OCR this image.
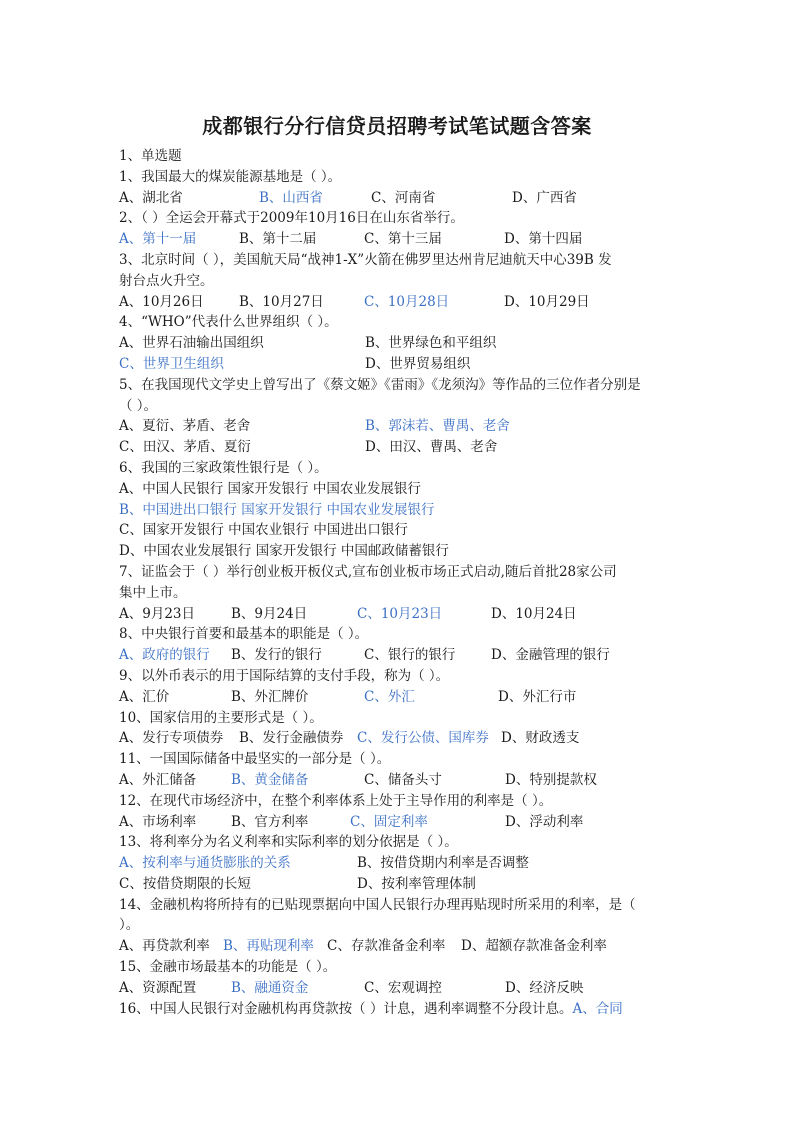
成都银行分行信贷员招聘考试笔试题含答案
1、单选题
1、我国最大的煤炭能源基地是（ ）。
A、湖北省	B、山西省	C、河南省	D、广西省
2、（ ）全运会开幕式于2009年10月16日在山东省举行。
A、第十一届	B、第十二届	C、第十三届	D、第十四届
3、北京时间（ ），美国航天局“战神1-X”火箭在佛罗里达州肯尼迪航天中心39B 发
射台点火升空。
A、10月26日	B、10月27日	C、10月28日	D、10月29日
4、“WHO”代表什么世界组织（ ）。
A、世界石油输出国组织	B、世界绿色和平组织
C、世界卫生组织	D、世界贸易组织
5、在我国现代文学史上曾写出了《蔡文姬》《雷雨》《龙须沟》等作品的三位作者分别是
（ ）。
A、夏衍、茅盾、老舍	B、郭沫若、曹禺、老舍
C、田汉、茅盾、夏衍	D、田汉、曹禺、老舍
6、我国的三家政策性银行是（ ）。
A、中国人民银行 国家开发银行 中国农业发展银行
B、中国进出口银行 国家开发银行 中国农业发展银行
C、国家开发银行 中国农业银行 中国进出口银行
D、中国农业发展银行 国家开发银行 中国邮政储蓄银行
7、证监会于（ ）举行创业板开板仪式,宣布创业板市场正式启动,随后首批28家公司
集中上市。
A、9月23日	B、9月24日	C、10月23日	D、10月24日
8、中央银行首要和最基本的职能是（ ）。
A、政府的银行 B、发行的银行	C、银行的银行	D、金融管理的银行
9、以外币表示的用于国际结算的支付手段，称为（ ）。
A、汇价	B、外汇牌价	C、外汇	D、外汇行市
10、国家信用的主要形式是（ ）。
A、发行专项债券 B、发行金融债券 C、发行公债、国库券 D、财政透支
11、一国国际储备中最坚实的一部分是（ ）。
A、外汇储备	B、黄金储备	C、储备头寸	D、特别提款权
12、在现代市场经济中，在整个利率体系上处于主导作用的利率是（ ）。
A、市场利率	B、官方利率	C、固定利率	D、浮动利率
13、将利率分为名义利率和实际利率的划分依据是（ ）。
A、按利率与通货膨胀的关系	B、按借贷期内利率是否调整
C、按借贷期限的长短	D、按利率管理体制
14、金融机构将所持有的已贴现票据向中国人民银行办理再贴现时所采用的利率，是（
）。
A、再贷款利率 B、再贴现利率 C、存款准备金利率 D、超额存款准备金利率
15、金融市场最基本的功能是（ ）。
A、资源配置	B、融通资金	C、宏观调控	D、经济反映
16、中国人民银行对金融机构再贷款按（ ）计息，遇利率调整不分段计息。A、合同
